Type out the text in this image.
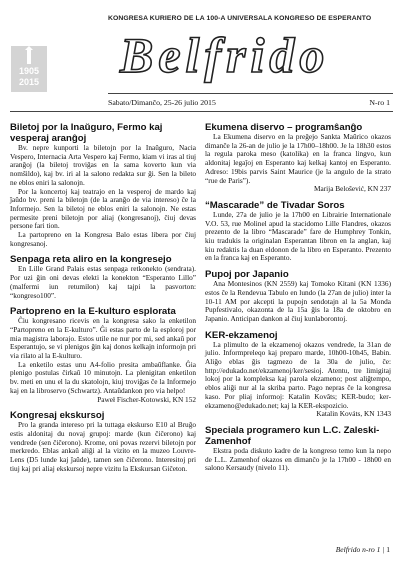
KONGRESA KURIERO DE LA 100-A UNIVERSALA KONGRESO DE ESPERANTO
1905
2015 Belfrido
Sabato/Dimanĉo, 25-26 julio 2015	N-ro 1
Biletoj por la Inaŭguro, Fermo kaj vesperaj aranĝoj

Bv. nepre kunporti la biletojn por la Inaŭguro, Nacia Vespero, Internacia Arta Vespero kaj Fermo, kiam vi iras al tiuj aranĝoj (la biletoj troviĝas en la sama koverto kun via nomŝildo), kaj bv. iri al la salono redakta sur ĝi. Sen la bileto ne eblos eniri la salonojn.

Por la koncertoj kaj teatrajo en la vesperoj de mardo kaj ĵaŭdo bv. preni la biletojn (de la aranĝo de via intereso) ĉe la Informejo. Sen la biletoj ne eblos eniri la salonojn. Ne estas permesite preni biletojn por aliaj (kongresanoj), ĉiuj devas persone fari tion.

La partopreno en la Kongresa Balo estas libera por ĉiuj kongresanoj.

Senpaga reta aliro en la kongresejo

En Lille Grand Palais estas senpaga retkonekto (sendrata). Por uzi ĝin oni devas elekti la konekton “Esperanto Lillo” (malfermi iun retumilon) kaj tajpi la pasvorton: “kongreso100”.

Partopreno en la E-kulturo esplorata

Ĉiu kongresano ricevis en la kongresa sako la enketilon “Partopreno en la E-kulturo”. Ĝi estas parto de la esploroj por mia magistra laborajo. Estos utile ne nur por mi, sed ankaŭ por Esperantujo, se vi plenigos ĝin kaj donos kelkajn informojn pri via rilato al la E-kulturo.

La enketilo estas unu A4-folio presita ambaŭflanke. Ĝia plenigo postulas ĉirkaŭ 10 minutojn. La plenigitan enketilon bv. meti en unu el la du skatolojn, kiuj troviĝas ĉe la Informejo kaj en la libroservo (Schwartz). Antaŭdankon pro via helpo!

Paweł Fischer-Kotowski, KN 152
Kongresaj ekskursoj

Pro la granda intereso pri la tuttaga ekskurso E10 al Bruĝo estis aldonitaj du novaj grupoj: marde (kun ĉiĉerono) kaj vendrede (sen ĉiĉerono). Krome, oni povas rezervi biletojn por merkredo. Eblas ankaŭ aliĝi al la vizito en la muzeo Louvre-Lens (D5 lunde kaj ĵaŭde), tamen sen ĉiĉerono. Interesitoj pri tiuj kaj pri aliaj ekskursoj nepre vizitu la Ekskursan Giĉeton.

Ekumena diservo – programŝanĝo

La Ekumena diservo en la preĝejo Sankta Maŭrico okazos dimanĉe la 26-an de julio je la 17h00–18h00. Je la 18h30 estos la regula paroka meso (katolika) en la franca lingvo, kun aldonitaj legaĵoj en Esperanto kaj kelkaj kantoj en Esperanto. Adreso: 19bis parvis Saint Maurice (je la angulo de la strato “rue de Paris”).

Marija Belošević, KN 237
“Mascarade” de Tivadar Soros

Lunde, 27a de julio je la 17h00 en Librairie Internationale V.O. 53, rue Molinel apud la stacidomo Lille Flandres, okazos prezento de la libro “Mascarade” fare de Humphrey Tonkin, kiu tradukis la originalan Esperantan libron en la anglan, kaj kiu redaktis la duan eldonon de la libro en Esperanto. Prezento en la franca kaj en Esperanto.

Pupoj por Japanio

Ana Montesinos (KN 2559) kaj Tomoko Kitani (KN 1336) estos ĉe la Rendevua Tabulo en lundo (la 27an de julio) inter la 10-11 AM por akcepti la pupojn sendotajn al la 5a Monda Pupfestivalo, okazonta de la 15a ĝis la 18a de oktobro en Japanio. Anticipan dankon al ĉiuj kunlaborontoj.

KER-ekzamenoj

La plimulto de la ekzamenoj okazos vendrede, la 31an de julio. Informpreleqo kaj preparo marde, 10h00-10h45, Babin. Aliĝo eblas ĝis tagmezo de la 30a de julio, ĉe: http://edukado.net/ekzamenoj/ker/sesioj. Atentu, tre limigitaj lokoj por la kompleksa kaj parola ekzameno; post aliĝtempo, eblos aliĝi nur al la skriba parto. Pago nepras ĉe la kongresa kaso. Por pliaj informoj: Katalin Kovâts; KER-budo; ker-ekzameno@edukado.net; kaj la KER-ekspozicio.

Katalin Kováts, KN 1343
Speciala programero kun L.C. Zaleski-Zamenhof

Ekstra poda diskuto kadre de la kongreso temo kun la nepo de L.L. Zamenhof okazos en dimanĉo je la 17h00 - 18h00 en salono Kersaudy (nivelo 11).

Belfrido n-ro 1 | 1
